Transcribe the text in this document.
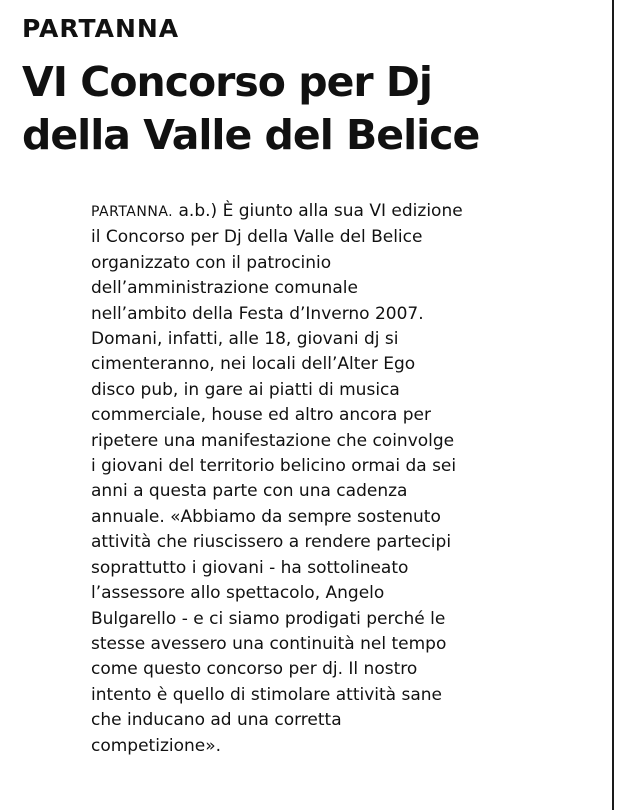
PARTANNA
VI Concorso per Dj
della Valle del Belice
PARTANNA. a.b.) È giunto alla sua VI edizione
il Concorso per Dj della Valle del Belice
organizzato con il patrocinio
dell’amministrazione comunale
nell’ambito della Festa d’Inverno 2007.
Domani, infatti, alle 18, giovani dj si
cimenteranno, nei locali dell’Alter Ego
disco pub, in gare ai piatti di musica
commerciale, house ed altro ancora per
ripetere una manifestazione che coinvolge
i giovani del territorio belicino ormai da sei
anni a questa parte con una cadenza
annuale. «Abbiamo da sempre sostenuto
attività che riuscissero a rendere partecipi
soprattutto i giovani - ha sottolineato
l’assessore allo spettacolo, Angelo
Bulgarello - e ci siamo prodigati perché le
stesse avessero una continuità nel tempo
come questo concorso per dj. Il nostro
intento è quello di stimolare attività sane
che inducano ad una corretta
competizione».
